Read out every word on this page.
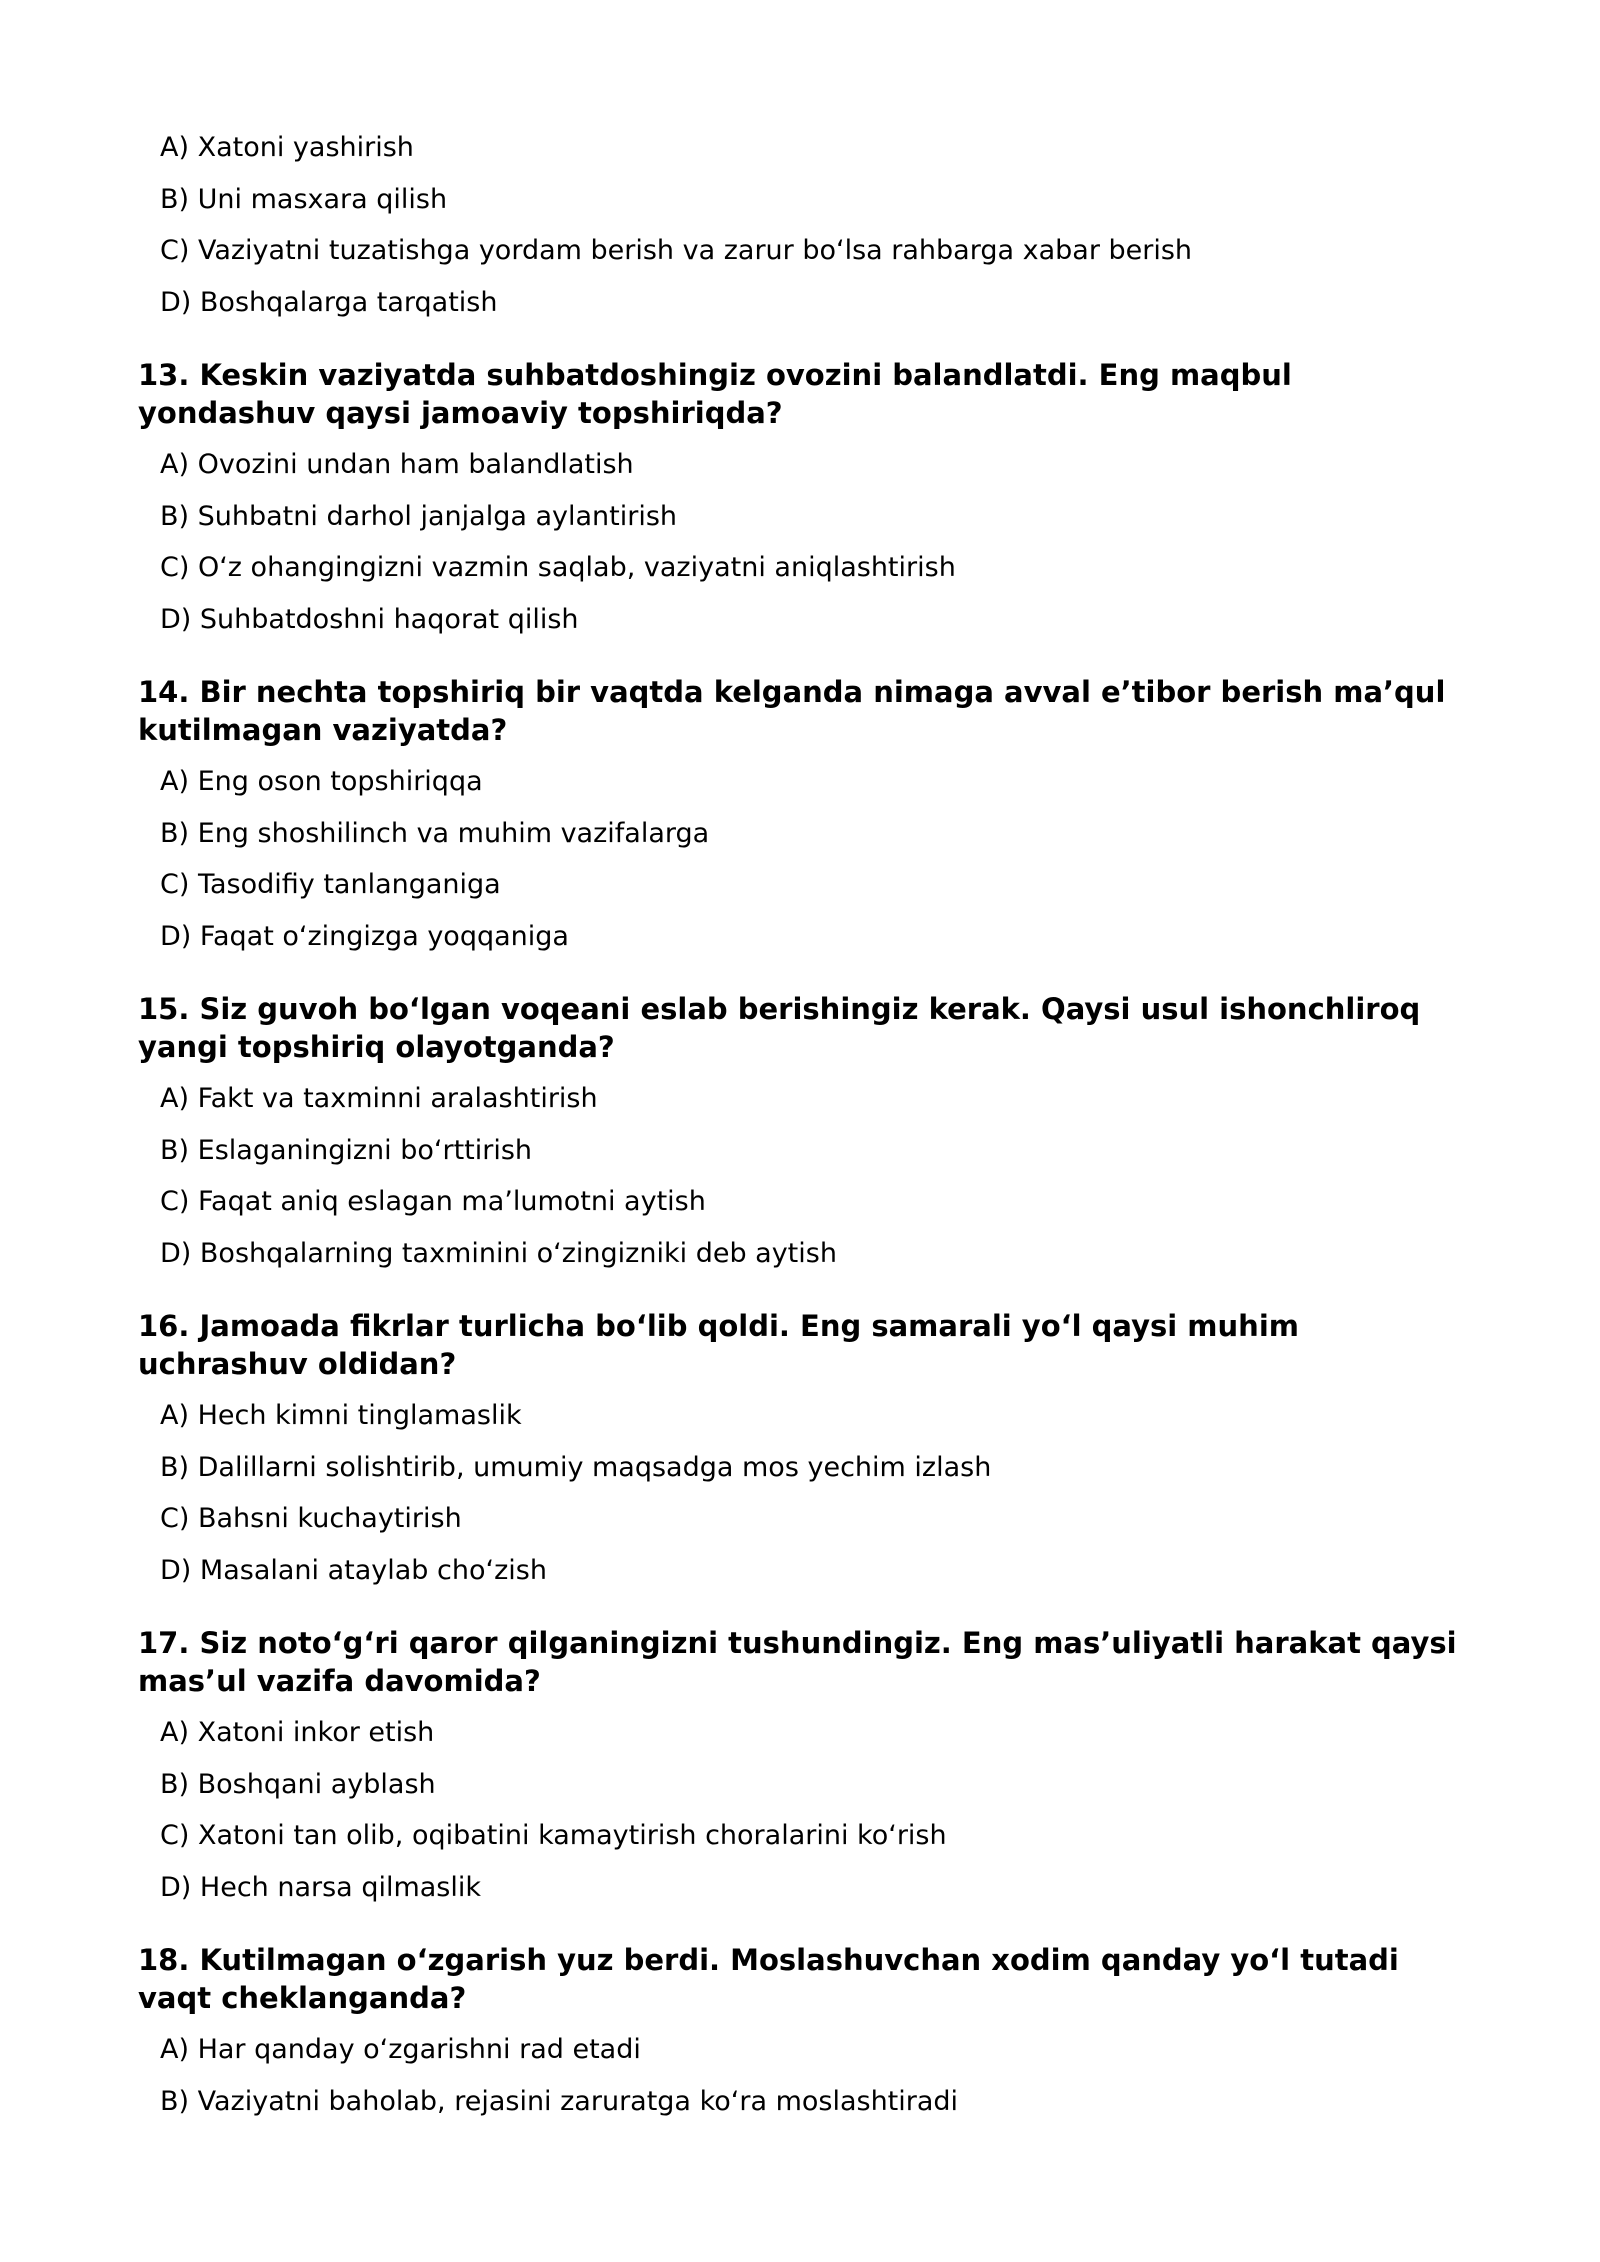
A) Xatoni yashirish
B) Uni masxara qilish
C) Vaziyatni tuzatishga yordam berish va zarur bo‘lsa rahbarga xabar berish
D) Boshqalarga tarqatish
13. Keskin vaziyatda suhbatdoshingiz ovozini balandlatdi. Eng maqbul yondashuv qaysi jamoaviy topshiriqda?
A) Ovozini undan ham balandlatish
B) Suhbatni darhol janjalga aylantirish
C) O‘z ohangingizni vazmin saqlab, vaziyatni aniqlashtirish
D) Suhbatdoshni haqorat qilish
14. Bir nechta topshiriq bir vaqtda kelganda nimaga avval e’tibor berish ma’qul kutilmagan vaziyatda?
A) Eng oson topshiriqqa
B) Eng shoshilinch va muhim vazifalarga
C) Tasodifiy tanlanganiga
D) Faqat o‘zingizga yoqqaniga
15. Siz guvoh bo‘lgan voqeani eslab berishingiz kerak. Qaysi usul ishonchliroq yangi topshiriq olayotganda?
A) Fakt va taxminni aralashtirish
B) Eslaganingizni bo‘rttirish
C) Faqat aniq eslagan ma’lumotni aytish
D) Boshqalarning taxminini o‘zingizniki deb aytish
16. Jamoada fikrlar turlicha bo‘lib qoldi. Eng samarali yo‘l qaysi muhim uchrashuv oldidan?
A) Hech kimni tinglamaslik
B) Dalillarni solishtirib, umumiy maqsadga mos yechim izlash
C) Bahsni kuchaytirish
D) Masalani ataylab cho‘zish
17. Siz noto‘g‘ri qaror qilganingizni tushundingiz. Eng mas’uliyatli harakat qaysi mas’ul vazifa davomida?
A) Xatoni inkor etish
B) Boshqani ayblash
C) Xatoni tan olib, oqibatini kamaytirish choralarini ko‘rish
D) Hech narsa qilmaslik
18. Kutilmagan o‘zgarish yuz berdi. Moslashuvchan xodim qanday yo‘l tutadi vaqt cheklanganda?
A) Har qanday o‘zgarishni rad etadi
B) Vaziyatni baholab, rejasini zaruratga ko‘ra moslashtiradi
